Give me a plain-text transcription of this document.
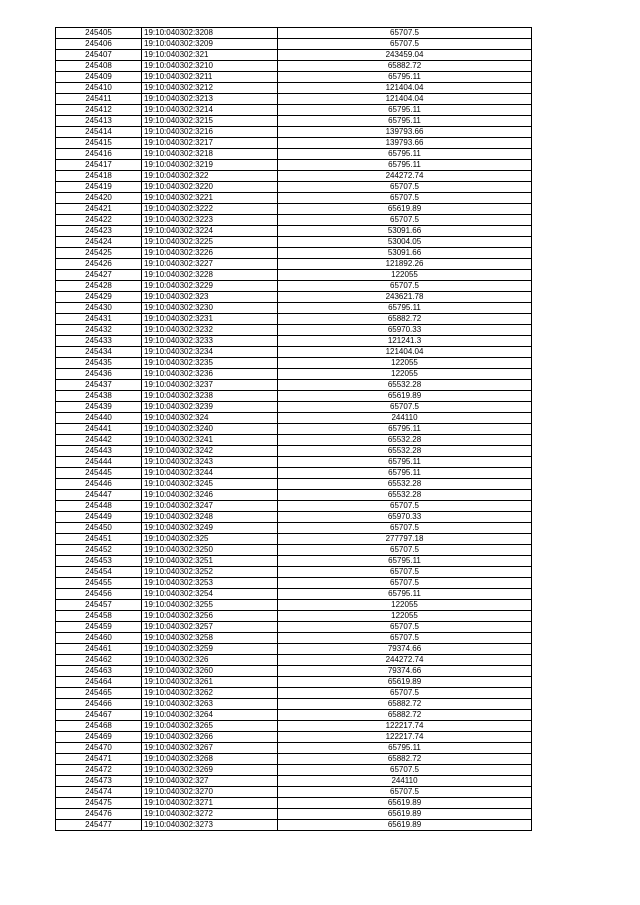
245405	19:10:040302:3208	65707.5
245406	19:10:040302:3209	65707.5
245407	19:10:040302:321	243459.04
245408	19:10:040302:3210	65882.72
245409	19:10:040302:3211	65795.11
245410	19:10:040302:3212	121404.04
245411	19:10:040302:3213	121404.04
245412	19:10:040302:3214	65795.11
245413	19:10:040302:3215	65795.11
245414	19:10:040302:3216	139793.66
245415	19:10:040302:3217	139793.66
245416	19:10:040302:3218	65795.11
245417	19:10:040302:3219	65795.11
245418	19:10:040302:322	244272.74
245419	19:10:040302:3220	65707.5
245420	19:10:040302:3221	65707.5
245421	19:10:040302:3222	65619.89
245422	19:10:040302:3223	65707.5
245423	19:10:040302:3224	53091.66
245424	19:10:040302:3225	53004.05
245425	19:10:040302:3226	53091.66
245426	19:10:040302:3227	121892.26
245427	19:10:040302:3228	122055
245428	19:10:040302:3229	65707.5
245429	19:10:040302:323	243621.78
245430	19:10:040302:3230	65795.11
245431	19:10:040302:3231	65882.72
245432	19:10:040302:3232	65970.33
245433	19:10:040302:3233	121241.3
245434	19:10:040302:3234	121404.04
245435	19:10:040302:3235	122055
245436	19:10:040302:3236	122055
245437	19:10:040302:3237	65532.28
245438	19:10:040302:3238	65619.89
245439	19:10:040302:3239	65707.5
245440	19:10:040302:324	244110
245441	19:10:040302:3240	65795.11
245442	19:10:040302:3241	65532.28
245443	19:10:040302:3242	65532.28
245444	19:10:040302:3243	65795.11
245445	19:10:040302:3244	65795.11
245446	19:10:040302:3245	65532.28
245447	19:10:040302:3246	65532.28
245448	19:10:040302:3247	65707.5
245449	19:10:040302:3248	65970.33
245450	19:10:040302:3249	65707.5
245451	19:10:040302:325	277797.18
245452	19:10:040302:3250	65707.5
245453	19:10:040302:3251	65795.11
245454	19:10:040302:3252	65707.5
245455	19:10:040302:3253	65707.5
245456	19:10:040302:3254	65795.11
245457	19:10:040302:3255	122055
245458	19:10:040302:3256	122055
245459	19:10:040302:3257	65707.5
245460	19:10:040302:3258	65707.5
245461	19:10:040302:3259	79374.66
245462	19:10:040302:326	244272.74
245463	19:10:040302:3260	79374.66
245464	19:10:040302:3261	65619.89
245465	19:10:040302:3262	65707.5
245466	19:10:040302:3263	65882.72
245467	19:10:040302:3264	65882.72
245468	19:10:040302:3265	122217.74
245469	19:10:040302:3266	122217.74
245470	19:10:040302:3267	65795.11
245471	19:10:040302:3268	65882.72
245472	19:10:040302:3269	65707.5
245473	19:10:040302:327	244110
245474	19:10:040302:3270	65707.5
245475	19:10:040302:3271	65619.89
245476	19:10:040302:3272	65619.89
245477	19:10:040302:3273	65619.89
